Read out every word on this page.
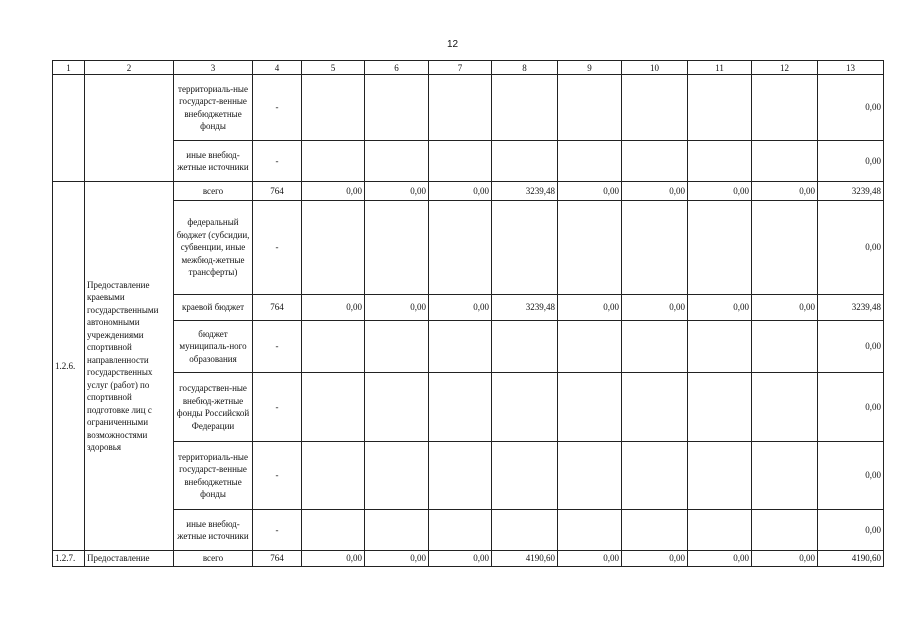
12
1	2	3	4	5	6	7	8	9	10	11	12	13
		территориаль-ные государст-венные внебюджетные фонды	-									0,00
		иные внебюд-жетные источники	-									0,00
1.2.6.	Предоставление краевыми государственными автономными учреждениями спортивной направленности государственных услуг (работ) по спортивной подготовке лиц с ограниченными возможностями здоровья	всего	764	0,00	0,00	0,00	3239,48	0,00	0,00	0,00	0,00	3239,48
		федеральный бюджет (субсидии, субвенции, иные межбюд-жетные трансферты)	-									0,00
		краевой бюджет	764	0,00	0,00	0,00	3239,48	0,00	0,00	0,00	0,00	3239,48
		бюджет муниципаль-ного образования	-									0,00
		государствен-ные внебюд-жетные фонды Российской Федерации	-									0,00
		территориаль-ные государст-венные внебюджетные фонды	-									0,00
		иные внебюд-жетные источники	-									0,00
1.2.7.	Предоставление	всего	764	0,00	0,00	0,00	4190,60	0,00	0,00	0,00	0,00	4190,60
